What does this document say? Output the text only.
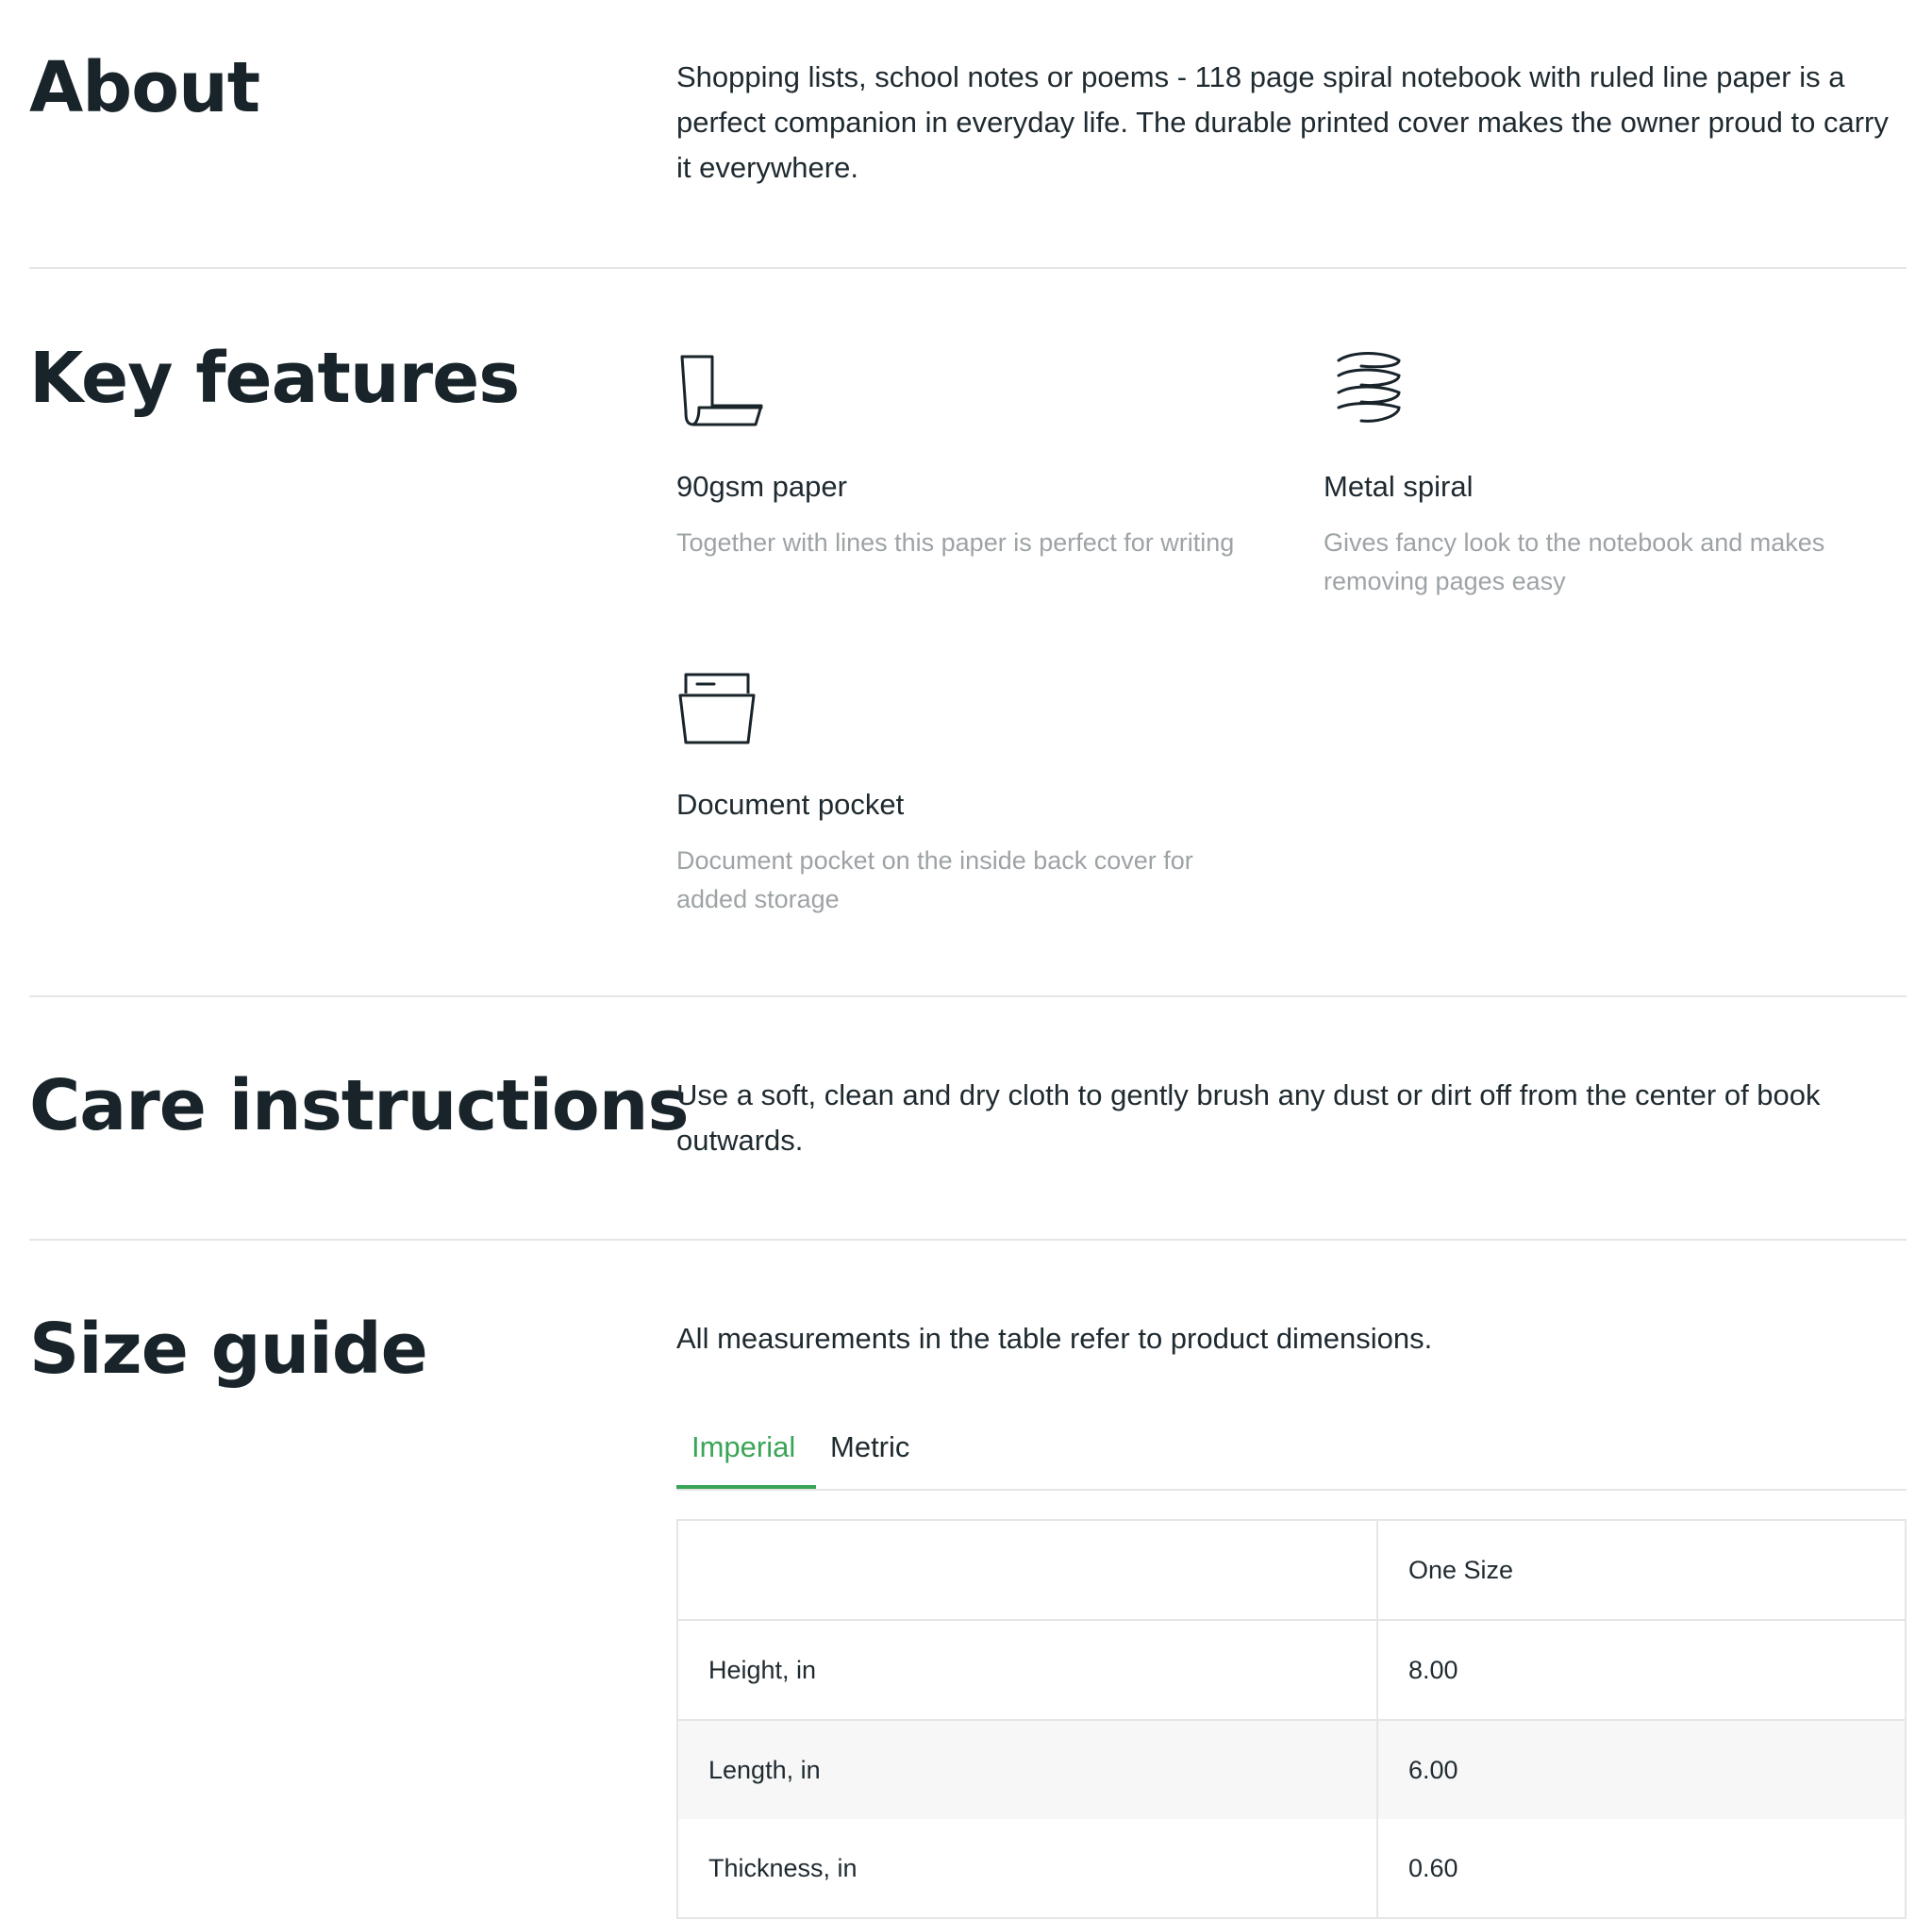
About	Shopping lists, school notes or poems - 118 page spiral notebook with ruled line paper is a perfect companion in everyday life. The durable printed cover makes the owner proud to carry it everywhere.

Key features
90gsm paper
Together with lines this paper is perfect for writing
Metal spiral
Gives fancy look to the notebook and makes removing pages easy
Document pocket
Document pocket on the inside back cover for added storage
Care instructions

Use a soft, clean and dry cloth to gently brush any dust or dirt off from the center of book outwards.

Size guide	All measurements in the table refer to product dimensions.

Imperial Metric
	One Size
Height, in	8.00
Length, in	6.00
Thickness, in	0.60
